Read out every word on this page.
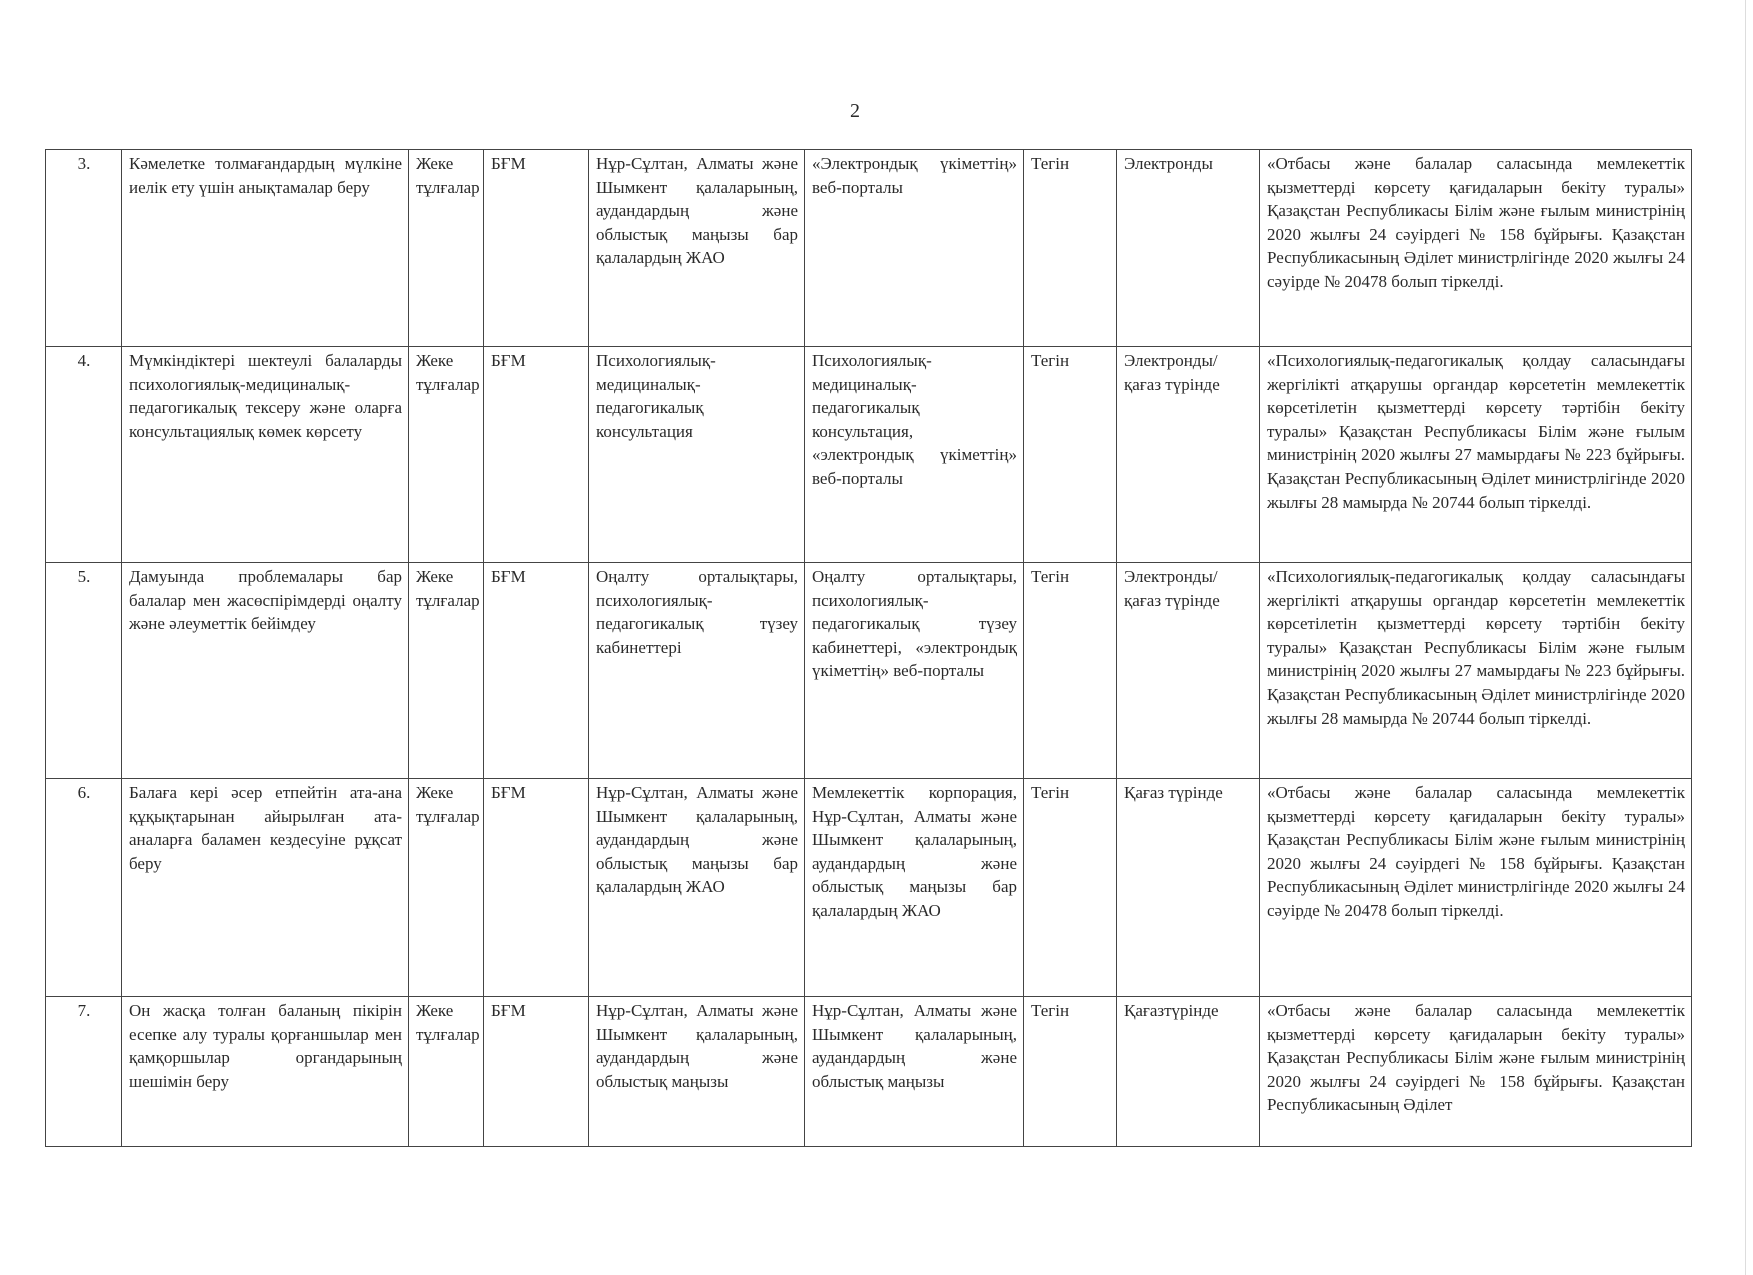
2
3.	Кәмелетке толмағандардың мүлкіне иелік ету үшін анықтамалар беру	Жеке тұлғалар	БҒМ	Нұр-Сұлтан, Алматы және Шымкент қалаларының, аудандардың және облыстық маңызы бар қалалардың ЖАО	«Электрондық үкіметтің» веб-порталы	Тегін	Электронды	«Отбасы және балалар саласында мемлекеттік қызметтерді көрсету қағидаларын бекіту туралы» Қазақстан Республикасы Білім және ғылым министрінің 2020 жылғы 24 сәуірдегі № 158 бұйрығы. Қазақстан Республикасының Әділет министрлігінде 2020 жылғы 24 сәуірде № 20478 болып тіркелді.
4.	Мүмкіндіктері шектеулі балаларды психологиялық-медициналық-педагогикалық тексеру және оларға консультациялық көмек көрсету	Жеке тұлғалар	БҒМ	Психологиялық-медициналық-педагогикалық консультация	Психологиялық-медициналық-педагогикалық консультация, «электрондық үкіметтің» веб-порталы	Тегін	Электронды/ қағаз түрінде	«Психологиялық-педагогикалық қолдау саласындағы жергілікті атқарушы органдар көрсететін мемлекеттік көрсетілетін қызметтерді көрсету тәртібін бекіту туралы» Қазақстан Республикасы Білім және ғылым министрінің 2020 жылғы 27 мамырдағы № 223 бұйрығы. Қазақстан Республикасының Әділет министрлігінде 2020 жылғы 28 мамырда № 20744 болып тіркелді.
5.	Дамуында проблемалары бар балалар мен жасөспірімдерді оңалту және әлеуметтік бейімдеу	Жеке тұлғалар	БҒМ	Оңалту орталықтары, психологиялық-педагогикалық түзеу кабинеттері	Оңалту орталықтары, психологиялық-педагогикалық түзеу кабинеттері, «электрондық үкіметтің» веб-порталы	Тегін	Электронды/ қағаз түрінде	«Психологиялық-педагогикалық қолдау саласындағы жергілікті атқарушы органдар көрсететін мемлекеттік көрсетілетін қызметтерді көрсету тәртібін бекіту туралы» Қазақстан Республикасы Білім және ғылым министрінің 2020 жылғы 27 мамырдағы № 223 бұйрығы. Қазақстан Республикасының Әділет министрлігінде 2020 жылғы 28 мамырда № 20744 болып тіркелді.
6.	Балаға кері әсер етпейтін ата-ана құқықтарынан айырылған ата-аналарға баламен кездесуіне рұқсат беру	Жеке тұлғалар	БҒМ	Нұр-Сұлтан, Алматы және Шымкент қалаларының, аудандардың және облыстық маңызы бар қалалардың ЖАО	Мемлекеттік корпорация, Нұр-Сұлтан, Алматы және Шымкент қалаларының, аудандардың және облыстық маңызы бар қалалардың ЖАО	Тегін	Қағаз түрінде	«Отбасы және балалар саласында мемлекеттік қызметтерді көрсету қағидаларын бекіту туралы» Қазақстан Республикасы Білім және ғылым министрінің 2020 жылғы 24 сәуірдегі № 158 бұйрығы. Қазақстан Республикасының Әділет министрлігінде 2020 жылғы 24 сәуірде № 20478 болып тіркелді.
7.	Он жасқа толған баланың пікірін есепке алу туралы қорғаншылар мен қамқоршылар органдарының шешімін беру	Жеке тұлғалар	БҒМ	Нұр-Сұлтан, Алматы және Шымкент қалаларының, аудандардың және облыстық маңызы	Нұр-Сұлтан, Алматы және Шымкент қалаларының, аудандардың және облыстық маңызы	Тегін	Қағазтүрінде	«Отбасы және балалар саласында мемлекеттік қызметтерді көрсету қағидаларын бекіту туралы» Қазақстан Республикасы Білім және ғылым министрінің 2020 жылғы 24 сәуірдегі № 158 бұйрығы. Қазақстан Республикасының Әділет
